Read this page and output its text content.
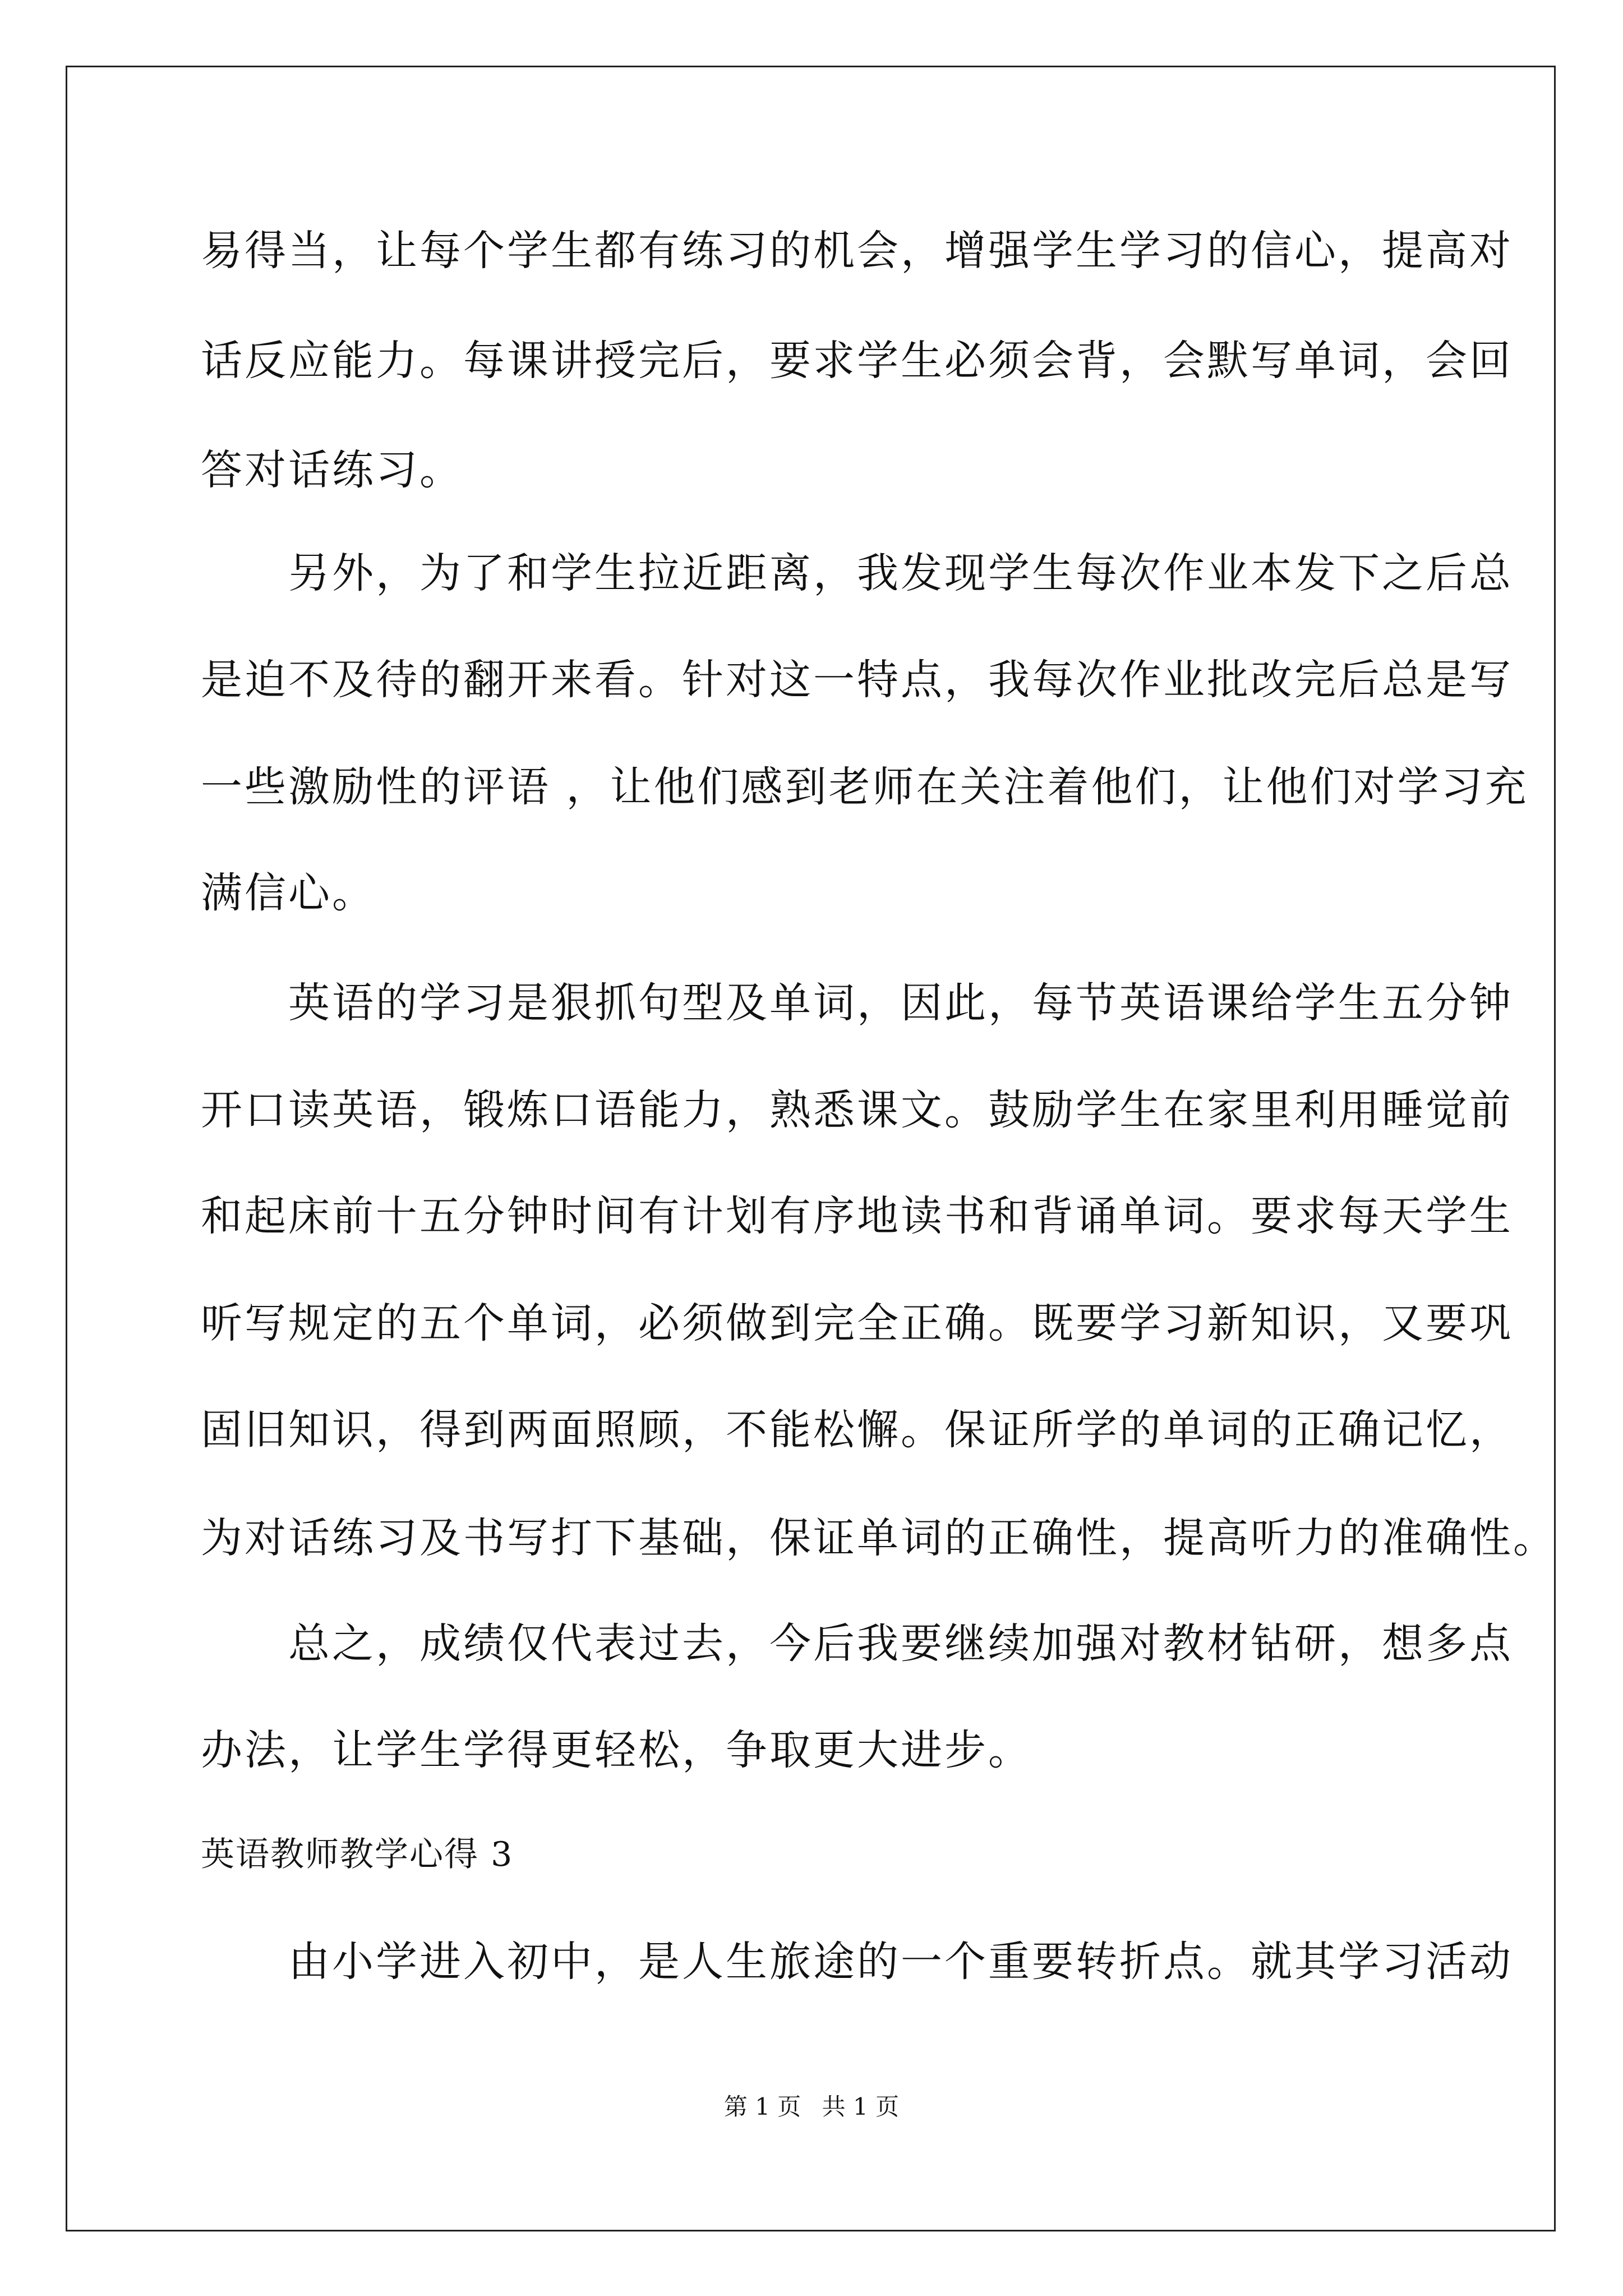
易得当，让每个学生都有练习的机会，增强学生学习的信心，提高对
话反应能力。每课讲授完后，要求学生必须会背，会默写单词，会回
答对话练习。
　　另外，为了和学生拉近距离，我发现学生每次作业本发下之后总
是迫不及待的翻开来看。针对这一特点，我每次作业批改完后总是写
一些激励性的评语 ，让他们感到老师在关注着他们，让他们对学习充
满信心。
　　英语的学习是狠抓句型及单词，因此，每节英语课给学生五分钟
开口读英语，锻炼口语能力，熟悉课文。鼓励学生在家里利用睡觉前
和起床前十五分钟时间有计划有序地读书和背诵单词。要求每天学生
听写规定的五个单词，必须做到完全正确。既要学习新知识，又要巩
固旧知识，得到两面照顾，不能松懈。保证所学的单词的正确记忆，
为对话练习及书写打下基础，保证单词的正确性，提高听力的准确性。
　　总之，成绩仅代表过去，今后我要继续加强对教材钻研，想多点
办法，让学生学得更轻松，争取更大进步。
英语教师教学心得 3
　　由小学进入初中，是人生旅途的一个重要转折点。就其学习活动
第 1 页 共 1 页
